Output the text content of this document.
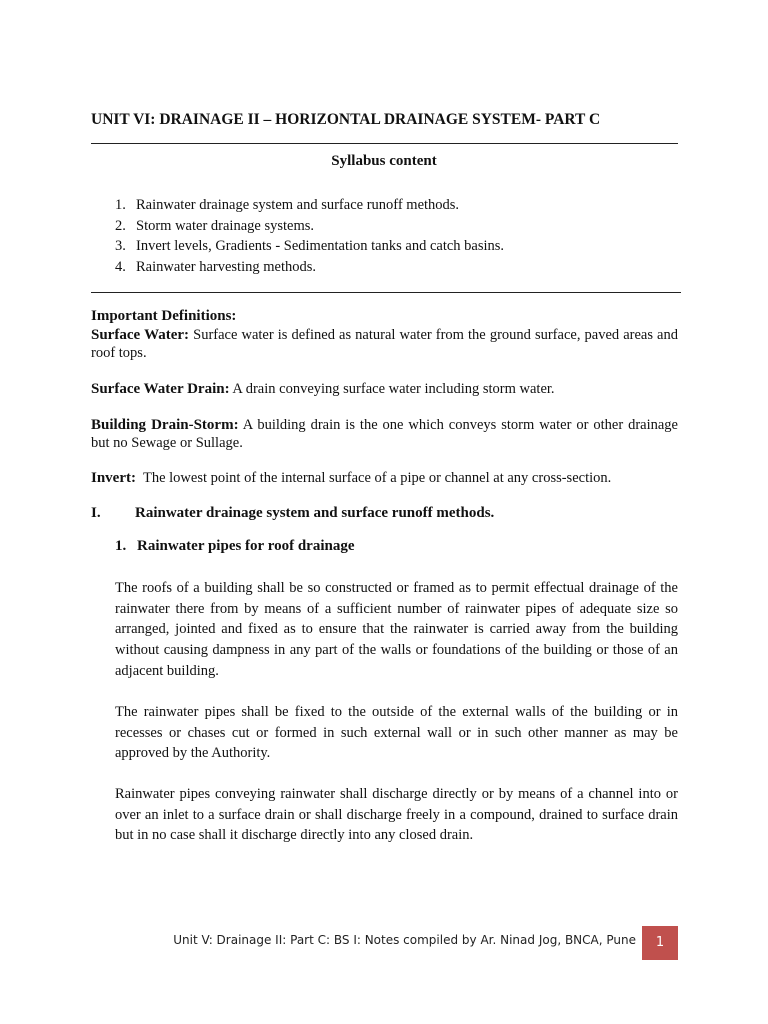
UNIT VI: DRAINAGE II – HORIZONTAL DRAINAGE SYSTEM- PART C
Syllabus content
1. Rainwater drainage system and surface runoff methods.
2. Storm water drainage systems.
3. Invert levels, Gradients - Sedimentation tanks and catch basins.
4. Rainwater harvesting methods.
Important Definitions:
Surface Water: Surface water is defined as natural water from the ground surface, paved areas and roof tops.
Surface Water Drain: A drain conveying surface water including storm water.
Building Drain-Storm: A building drain is the one which conveys storm water or other drainage but no Sewage or Sullage.
Invert:  The lowest point of the internal surface of a pipe or channel at any cross-section.
I. Rainwater drainage system and surface runoff methods.
1. Rainwater pipes for roof drainage
The roofs of a building shall be so constructed or framed as to permit effectual drainage of the rainwater there from by means of a sufficient number of rainwater pipes of adequate size so arranged, jointed and fixed as to ensure that the rainwater is carried away from the building without causing dampness in any part of the walls or foundations of the building or those of an adjacent building.
The rainwater pipes shall be fixed to the outside of the external walls of the building or in recesses or chases cut or formed in such external wall or in such other manner as may be approved by the Authority.
Rainwater pipes conveying rainwater shall discharge directly or by means of a channel into or over an inlet to a surface drain or shall discharge freely in a compound, drained to surface drain but in no case shall it discharge directly into any closed drain.
Unit V: Drainage II: Part C: BS I: Notes compiled by Ar. Ninad Jog, BNCA, Pune	1
